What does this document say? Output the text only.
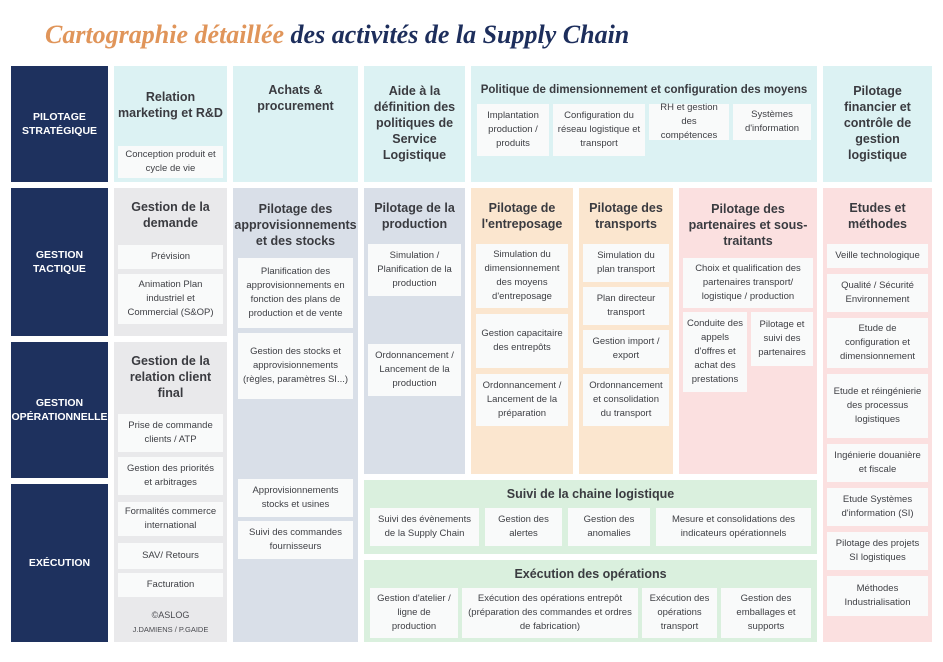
Cartographie détaillée des activités de la Supply Chain
PILOTAGE STRATÉGIQUE
GESTION TACTIQUE
GESTION OPÉRATIONNELLE
EXÉCUTION
Relation marketing et R&D
Conception produit et cycle de vie
Achats & procurement
Aide à la définition des politiques de Service Logistique
Politique de dimensionnement et configuration des moyens
Implantation production / produits
Configuration du réseau logistique et transport
RH et gestion des compétences
Systèmes d'information
Pilotage financier et contrôle de gestion logistique
Gestion de la demande
Prévision
Animation Plan industriel et Commercial (S&OP)
Gestion de la relation client final
Prise de commande clients / ATP
Gestion des priorités et arbitrages
Formalités commerce international
SAV/ Retours
Facturation
©ASLOG
J.DAMIENS / P.GAIDE
Pilotage des approvisionnements et des stocks
Planification des approvisionnements en fonction des plans de production et de vente
Gestion des stocks et approvisionnements (règles, paramètres SI...)
Approvisionnements stocks et usines
Suivi des commandes fournisseurs
Pilotage de la production
Simulation / Planification de la production
Ordonnancement / Lancement de la production
Pilotage de l'entreposage
Simulation du dimensionnement des moyens d'entreposage
Gestion capacitaire des entrepôts
Ordonnancement / Lancement de la préparation
Pilotage des transports
Simulation du plan transport
Plan directeur transport
Gestion import / export
Ordonnancement et consolidation du transport
Pilotage des partenaires et sous-traitants
Choix et qualification des partenaires transport/ logistique / production
Conduite des appels d'offres et achat des prestations
Pilotage et suivi des partenaires
Etudes et méthodes
Veille technologique
Qualité / Sécurité Environnement
Etude de configuration et dimensionnement
Etude et réingénierie des processus logistiques
Ingénierie douanière et fiscale
Etude Systèmes d'information (SI)
Pilotage des projets SI logistiques
Méthodes Industrialisation
Suivi de la chaine logistique
Suivi des évènements de la Supply Chain
Gestion des alertes
Gestion des anomalies
Mesure et consolidations des indicateurs opérationnels
Exécution des opérations
Gestion d'atelier / ligne de production
Exécution des opérations entrepôt (préparation des commandes et ordres de fabrication)
Exécution des opérations transport
Gestion des emballages et supports
